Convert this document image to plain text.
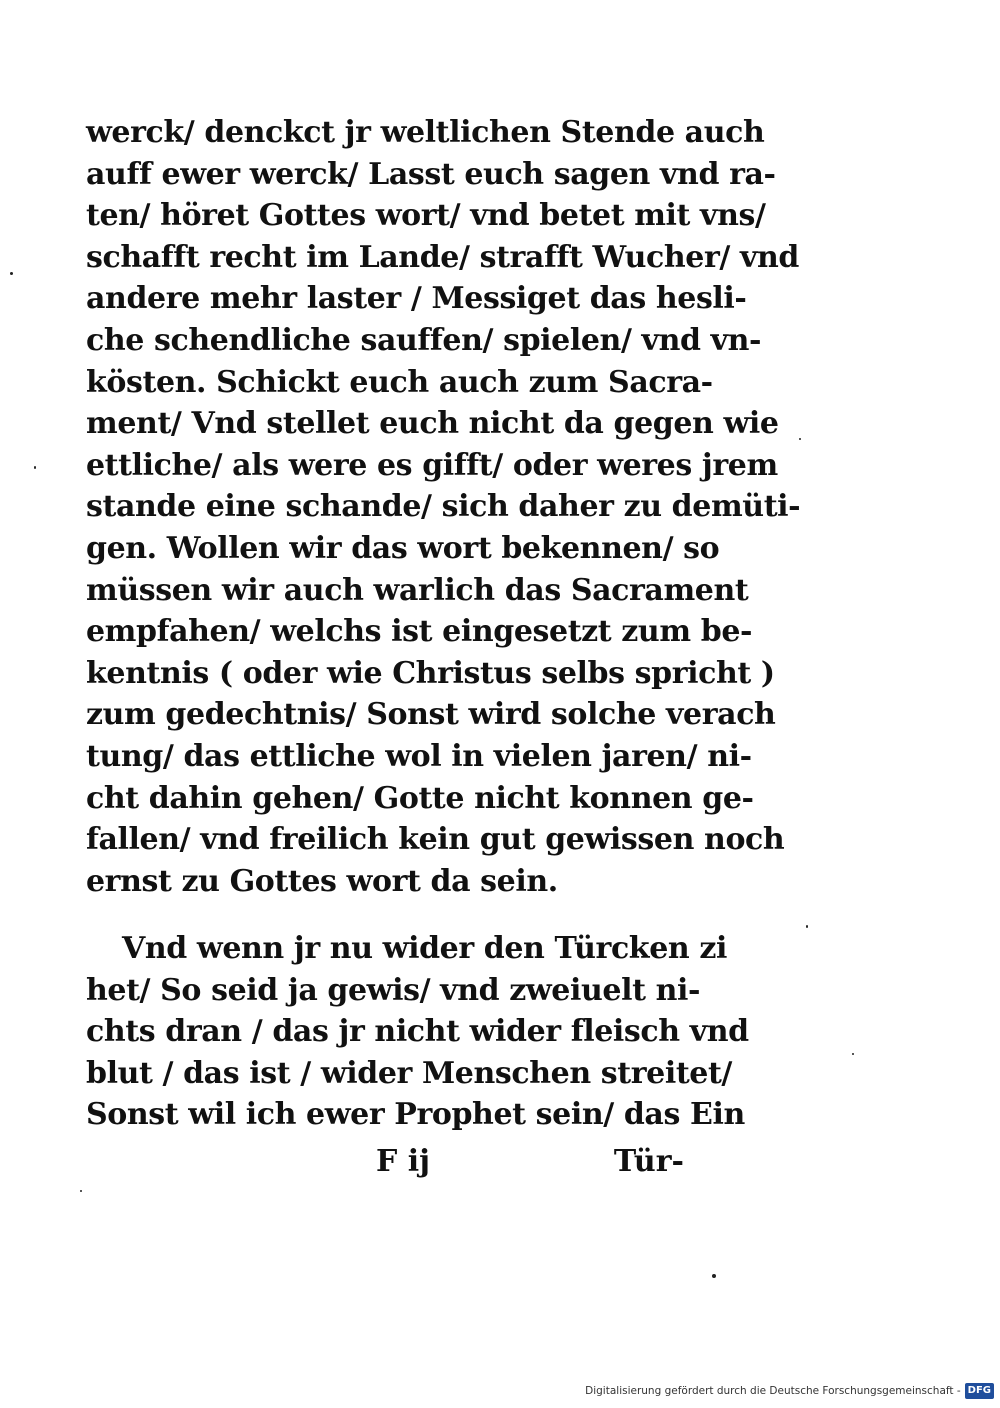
werck/ denckct jr weltlichen Stende auch
auff ewer werck/ Lasst euch sagen vnd ra-
ten/ höret Gottes wort/ vnd betet mit vns/
schafft recht im Lande/ strafft Wucher/ vnd
andere mehr laster / Messiget das hesli-
che schendliche sauffen/ spielen/ vnd vn-
kösten. Schickt euch auch zum Sacra-
ment/ Vnd stellet euch nicht da gegen wie
ettliche/ als were es gifft/ oder weres jrem
stande eine schande/ sich daher zu demüti-
gen. Wollen wir das wort bekennen/ so
müssen wir auch warlich das Sacrament
empfahen/ welchs ist eingesetzt zum be-
kentnis ( oder wie Christus selbs spricht )
zum gedechtnis/ Sonst wird solche verach
tung/ das ettliche wol in vielen jaren/ ni-
cht dahin gehen/ Gotte nicht konnen ge-
fallen/ vnd freilich kein gut gewissen noch
ernst zu Gottes wort da sein.
Vnd wenn jr nu wider den Türcken zi
het/ So seid ja gewis/ vnd zweiuelt ni-
chts dran / das jr nicht wider fleisch vnd
blut / das ist / wider Menschen streitet/
Sonst wil ich ewer Prophet sein/ das Ein
F ij	Tür-
Digitalisierung gefördert durch die Deutsche Forschungsgemeinschaft - DFG
